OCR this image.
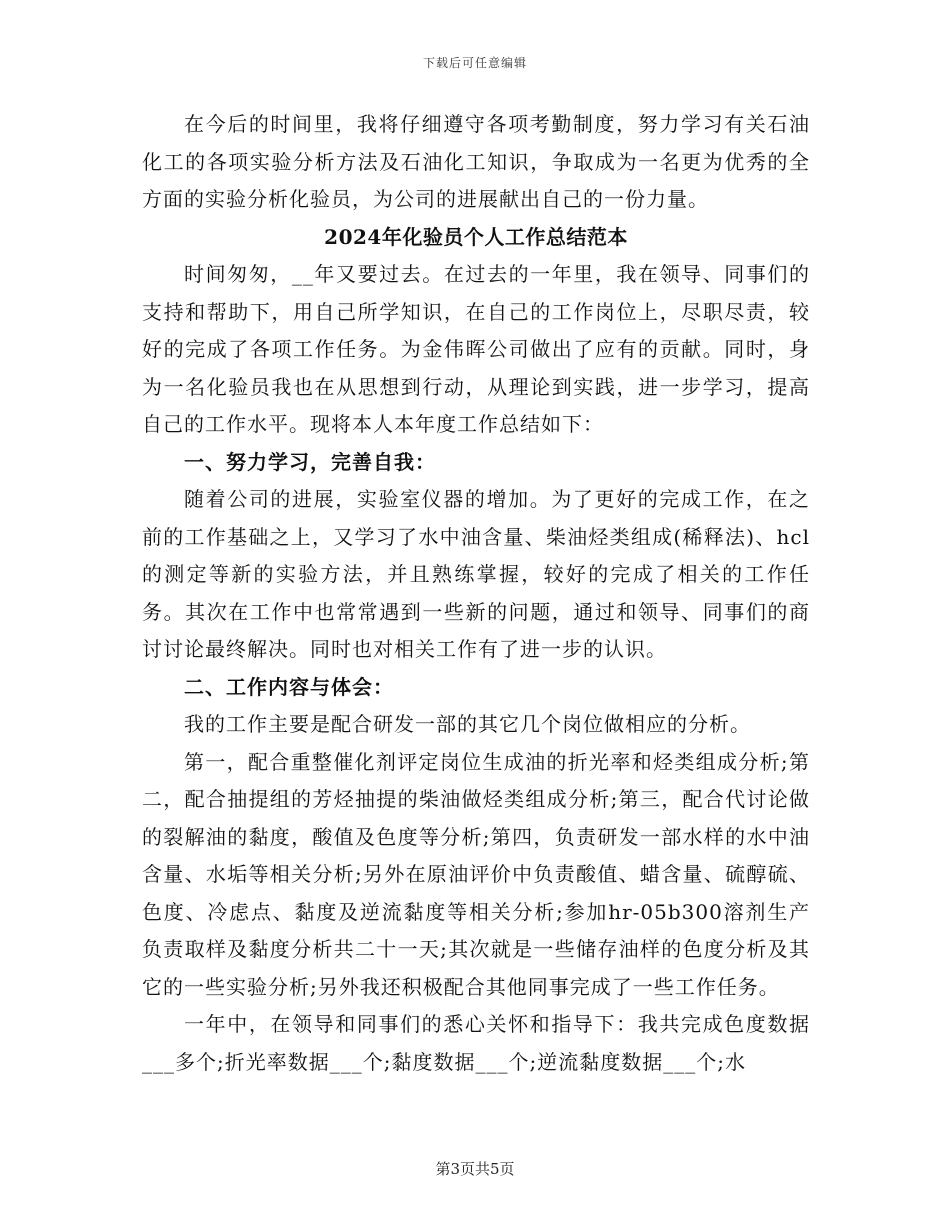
下载后可任意编辑

在今后的时间里，我将仔细遵守各项考勤制度，努力学习有关石油化工的各项实验分析方法及石油化工知识，争取成为一名更为优秀的全方面的实验分析化验员，为公司的进展献出自己的一份力量。

2024年化验员个人工作总结范本

时间匆匆，__年又要过去。在过去的一年里，我在领导、同事们的支持和帮助下，用自己所学知识，在自己的工作岗位上，尽职尽责，较好的完成了各项工作任务。为金伟晖公司做出了应有的贡献。同时，身为一名化验员我也在从思想到行动，从理论到实践，进一步学习，提高自己的工作水平。现将本人本年度工作总结如下：

一、努力学习，完善自我：

随着公司的进展，实验室仪器的增加。为了更好的完成工作，在之前的工作基础之上，又学习了水中油含量、柴油烃类组成(稀释法)、hcl的测定等新的实验方法，并且熟练掌握，较好的完成了相关的工作任务。其次在工作中也常常遇到一些新的问题，通过和领导、同事们的商讨讨论最终解决。同时也对相关工作有了进一步的认识。

二、工作内容与体会：

我的工作主要是配合研发一部的其它几个岗位做相应的分析。

第一，配合重整催化剂评定岗位生成油的折光率和烃类组成分析;第二，配合抽提组的芳烃抽提的柴油做烃类组成分析;第三，配合代讨论做的裂解油的黏度，酸值及色度等分析;第四，负责研发一部水样的水中油含量、水垢等相关分析;另外在原油评价中负责酸值、蜡含量、硫醇硫、色度、冷虑点、黏度及逆流黏度等相关分析;参加hr-05b300溶剂生产负责取样及黏度分析共二十一天;其次就是一些储存油样的色度分析及其它的一些实验分析;另外我还积极配合其他同事完成了一些工作任务。

一年中，在领导和同事们的悉心关怀和指导下：我共完成色度数据___多个;折光率数据___个;黏度数据___个;逆流黏度数据___个;水

第3页共5页
